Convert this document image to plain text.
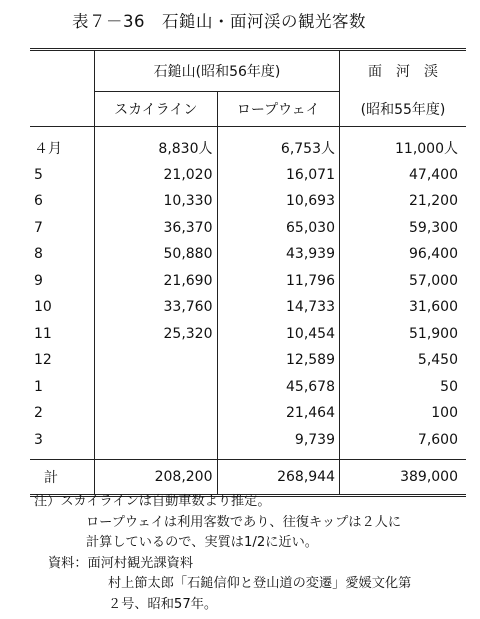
表７－36　石鎚山・面河渓の観光客数
	石鎚山(昭和56年度)		面　河　渓
	スカイライン	ロープウェイ	(昭和55年度)
４月	8,830人	6,753人	11,000人
5	21,020	16,071	47,400
6	10,330	10,693	21,200
7	36,370	65,030	59,300
8	50,880	43,939	96,400
9	21,690	11,796	57,000
10	33,760	14,733	31,600
11	25,320	10,454	51,900
12		12,589	5,450
1		45,678	50
2		21,464	100
3		9,739	7,600
計	208,200	268,944	389,000
注）スカイラインは自動車数より推定。
ロープウェイは利用客数であり、往復キップは２人に
計算しているので、実質は1/2に近い。
資料：面河村観光課資料
村上節太郎「石鎚信仰と登山道の変遷」愛媛文化第
２号、昭和57年。
